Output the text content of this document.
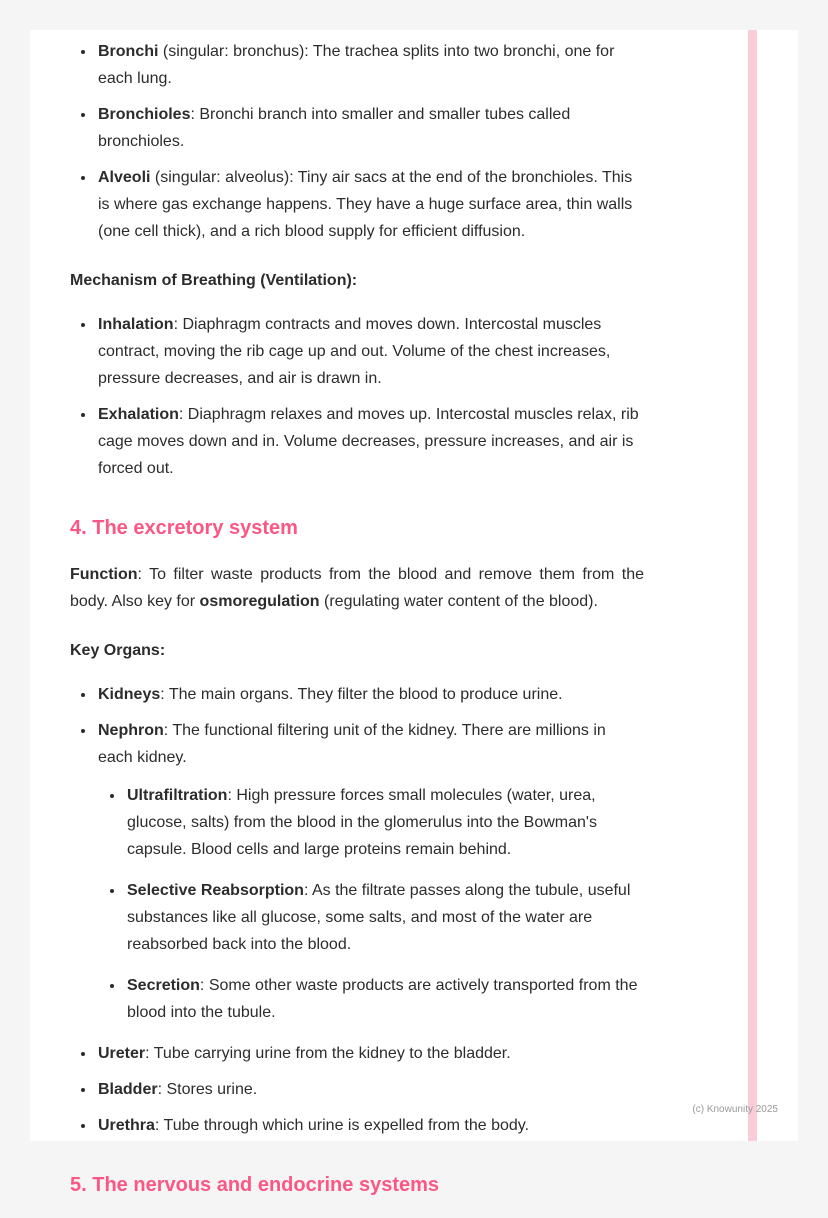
• Bronchi (singular: bronchus): The trachea splits into two bronchi, one for each lung.
• Bronchioles: Bronchi branch into smaller and smaller tubes called bronchioles.
• Alveoli (singular: alveolus): Tiny air sacs at the end of the bronchioles. This is where gas exchange happens. They have a huge surface area, thin walls (one cell thick), and a rich blood supply for efficient diffusion.
Mechanism of Breathing (Ventilation):
• Inhalation: Diaphragm contracts and moves down. Intercostal muscles contract, moving the rib cage up and out. Volume of the chest increases, pressure decreases, and air is drawn in.
• Exhalation: Diaphragm relaxes and moves up. Intercostal muscles relax, rib cage moves down and in. Volume decreases, pressure increases, and air is forced out.
4. The excretory system

Function: To filter waste products from the blood and remove them from the body. Also key for osmoregulation (regulating water content of the blood).

Key Organs:
• Kidneys: The main organs. They filter the blood to produce urine.
• Nephron: The functional filtering unit of the kidney. There are millions in each kidney.
• Ultrafiltration: High pressure forces small molecules (water, urea, glucose, salts) from the blood in the glomerulus into the Bowman's capsule. Blood cells and large proteins remain behind.
• Selective Reabsorption: As the filtrate passes along the tubule, useful substances like all glucose, some salts, and most of the water are reabsorbed back into the blood.
• Secretion: Some other waste products are actively transported from the blood into the tubule.
• Ureter: Tube carrying urine from the kidney to the bladder.
• Bladder: Stores urine.
• Urethra: Tube through which urine is expelled from the body.
5. The nervous and endocrine systems
(c) Knowunity 2025
